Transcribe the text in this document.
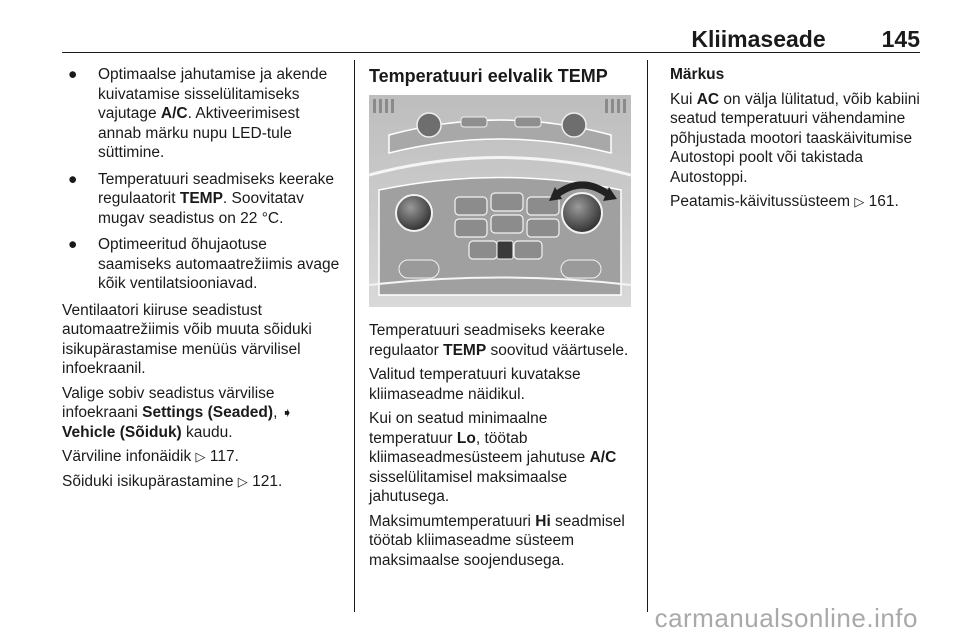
Kliimaseade 145
●	Optimaalse jahutamise ja akende kuivatamise sisselülitamiseks vajutage A/C. Aktiveerimisest annab märku nupu LED-tule süttimine.
●	Temperatuuri seadmiseks keerake regulaatorit TEMP. Soovitatav mugav seadistus on 22 °C.
●	Optimeeritud õhujaotuse saamiseks automaatrežiimis avage kõik ventilatsiooniavad.

Ventilaatori kiiruse seadistust automaatrežiimis võib muuta sõiduki isikupärastamise menüüs värvilisel infoekraanil.

Valige sobiv seadistus värvilise infoekraani Settings (Seaded), ➧ Vehicle (Sõiduk) kaudu.

Värviline infonäidik ▷ 117.

Sõiduki isikupärastamine ▷ 121.

Temperatuuri eelvalik TEMP

Temperatuuri seadmiseks keerake regulaator TEMP soovitud väärtusele.

Valitud temperatuuri kuvatakse kliimaseadme näidikul.

Kui on seatud minimaalne temperatuur Lo, töötab kliimaseadmesüsteem jahutuse A/C sisselülitamisel maksimaalse jahutusega.

Maksimumtemperatuuri Hi seadmisel töötab kliimaseadme süsteem maksimaalse soojendusega.

Märkus

Kui AC on välja lülitatud, võib kabiini seatud temperatuuri vähendamine põhjustada mootori taaskäivitumise Autostopi poolt või takistada Autostoppi.

Peatamis-käivitussüsteem ▷ 161.

carmanualsonline.info
